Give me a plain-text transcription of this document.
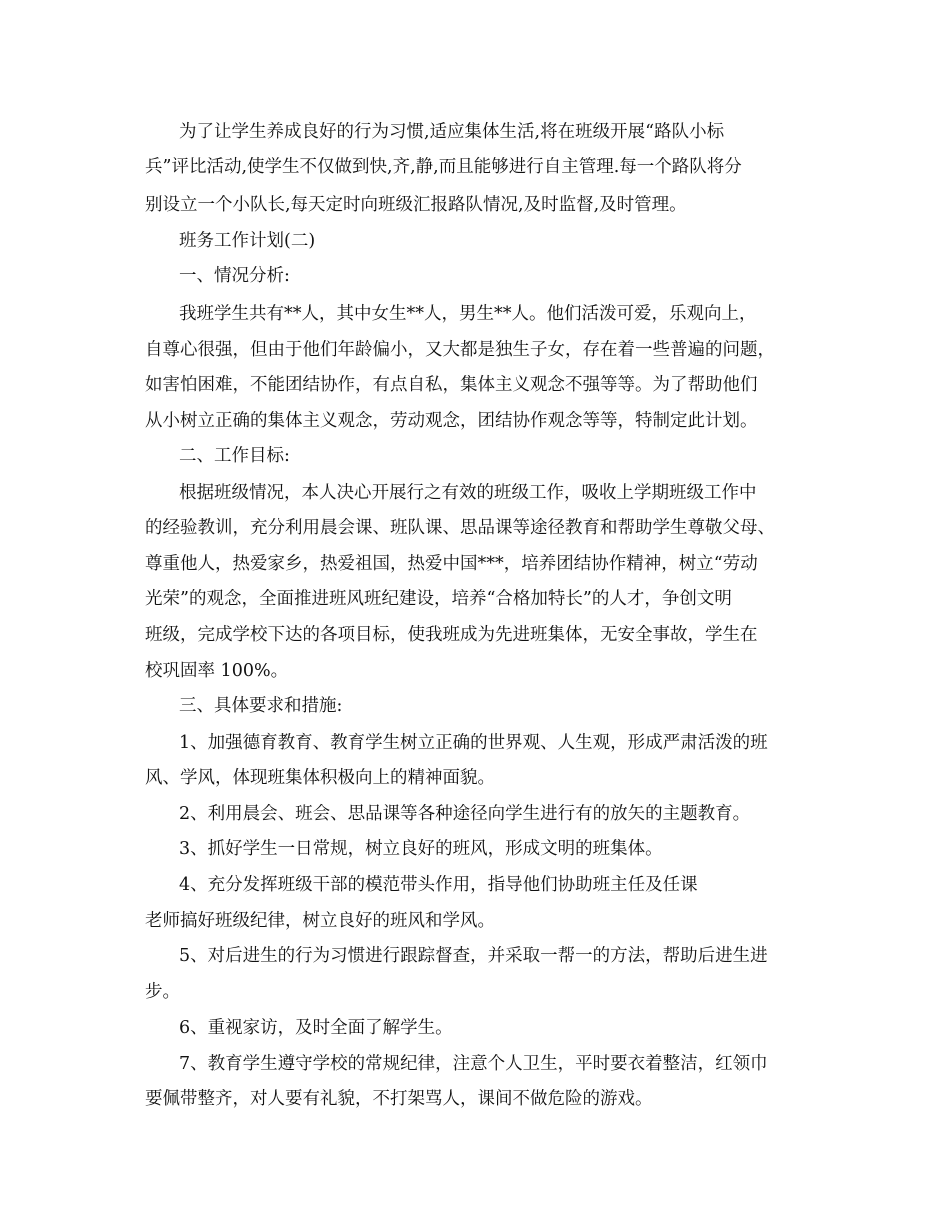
为了让学生养成良好的行为习惯,适应集体生活,将在班级开展“路队小标
兵”评比活动,使学生不仅做到快,齐,静,而且能够进行自主管理.每一个路队将分
别设立一个小队长,每天定时向班级汇报路队情况,及时监督,及时管理。
班务工作计划(二)
一、情况分析:
我班学生共有**人，其中女生**人，男生**人。他们活泼可爱，乐观向上，
自尊心很强，但由于他们年龄偏小，又大都是独生子女，存在着一些普遍的问题，
如害怕困难，不能团结协作，有点自私，集体主义观念不强等等。为了帮助他们
从小树立正确的集体主义观念，劳动观念，团结协作观念等等，特制定此计划。
二、工作目标:
根据班级情况，本人决心开展行之有效的班级工作，吸收上学期班级工作中
的经验教训，充分利用晨会课、班队课、思品课等途径教育和帮助学生尊敬父母、
尊重他人，热爱家乡，热爱祖国，热爱中国***，培养团结协作精神，树立“劳动
光荣”的观念，全面推进班风班纪建设，培养“合格加特长”的人才，争创文明
班级，完成学校下达的各项目标，使我班成为先进班集体，无安全事故，学生在
校巩固率 100%。
三、具体要求和措施:
1、加强德育教育、教育学生树立正确的世界观、人生观，形成严肃活泼的班
风、学风，体现班集体积极向上的精神面貌。
2、利用晨会、班会、思品课等各种途径向学生进行有的放矢的主题教育。
3、抓好学生一日常规，树立良好的班风，形成文明的班集体。
4、充分发挥班级干部的模范带头作用，指导他们协助班主任及任课
老师搞好班级纪律，树立良好的班风和学风。
5、对后进生的行为习惯进行跟踪督查，并采取一帮一的方法，帮助后进生进
步。
6、重视家访，及时全面了解学生。
7、教育学生遵守学校的常规纪律，注意个人卫生，平时要衣着整洁，红领巾
要佩带整齐，对人要有礼貌，不打架骂人，课间不做危险的游戏。
